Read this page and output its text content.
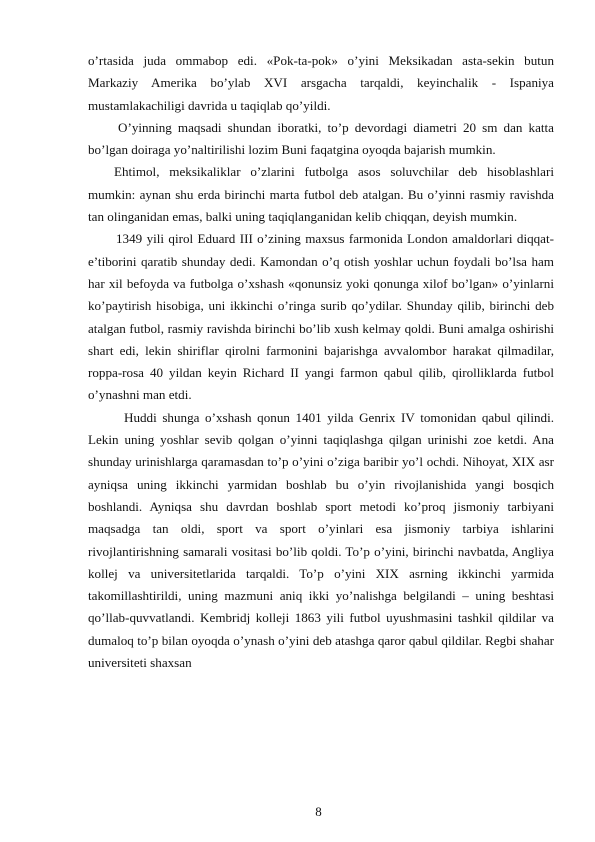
o’rtasida juda ommabop edi. «Pok-ta-pok» o’yini Meksikadan asta-sekin butun Markaziy Amerika bo’ylab XVI arsgacha tarqaldi, keyinchalik - Ispaniya mustamlakachiligi davrida u taqiqlab qo’yildi.

O’yinning maqsadi shundan iboratki, to’p devordagi diametri 20 sm dan katta bo’lgan doiraga yo’naltirilishi lozim Buni faqatgina oyoqda bajarish mumkin.

Ehtimol, meksikaliklar o’zlarini futbolga asos soluvchilar deb hisoblashlari mumkin: aynan shu erda birinchi marta futbol deb atalgan. Bu o’yinni rasmiy ravishda tan olinganidan emas, balki uning taqiqlanganidan kelib chiqqan, deyish mumkin.

1349 yili qirol Eduard III o’zining maxsus farmonida London amaldorlari diqqat-e’tiborini qaratib shunday dedi. Kamondan o’q otish yoshlar uchun foydali bo’lsa ham har xil befoyda va futbolga o’xshash «qonunsiz yoki qonunga xilof bo’lgan» o’yinlarni ko’paytirish hisobiga, uni ikkinchi o’ringa surib qo’ydilar. Shunday qilib, birinchi deb atalgan futbol, rasmiy ravishda birinchi bo’lib xush kelmay qoldi. Buni amalga oshirishi shart edi, lekin shiriflar qirolni farmonini bajarishga avvalombor harakat qilmadilar, roppa-rosa 40 yildan keyin Richard II yangi farmon qabul qilib, qirolliklarda futbol o’ynashni man etdi.

Huddi shunga o’xshash qonun 1401 yilda Genrix IV tomonidan qabul qilindi. Lekin uning yoshlar sevib qolgan o’yinni taqiqlashga qilgan urinishi zoe ketdi. Ana shunday urinishlarga qaramasdan to’p o’yini o’ziga baribir yo’l ochdi. Nihoyat, XIX asr ayniqsa uning ikkinchi yarmidan boshlab bu o’yin rivojlanishida yangi bosqich boshlandi. Ayniqsa shu davrdan boshlab sport metodi ko’proq jismoniy tarbiyani maqsadga tan oldi, sport va sport o’yinlari esa jismoniy tarbiya ishlarini rivojlantirishning samarali vositasi bo’lib qoldi. To’p o’yini, birinchi navbatda, Angliya kollej va universitetlarida tarqaldi. To’p o’yini XIX asrning ikkinchi yarmida takomillashtirildi, uning mazmuni aniq ikki yo’nalishga belgilandi – uning beshtasi qo’llab-quvvatlandi. Kembridj kolleji 1863 yili futbol uyushmasini tashkil qildilar va dumaloq to’p bilan oyoqda o’ynash o’yini deb atashga qaror qabul qildilar. Regbi shahar universiteti shaxsan

8
